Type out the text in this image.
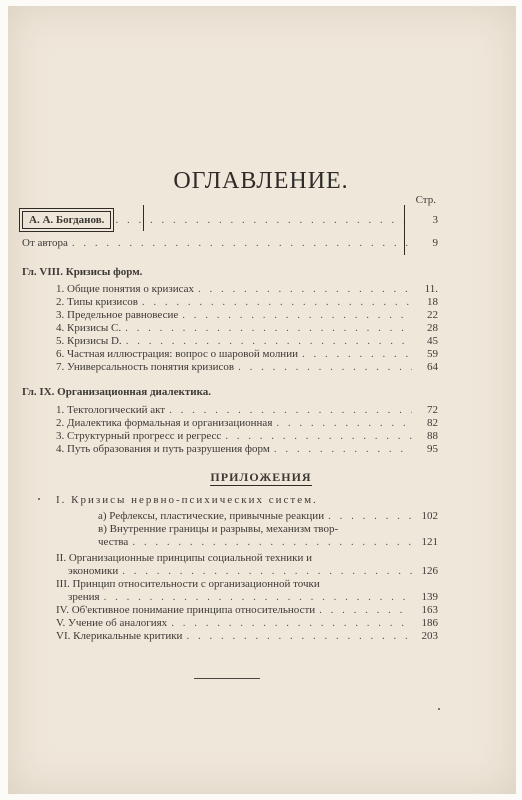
ОГЛАВЛЕНИЕ.
Стр.
А. А. Богданов. . . .	3
От автора . . .	9
Гл. VIII. Кризисы форм.
1. Общие понятия о кризисах . . .	11.
2. Типы кризисов . . .	18
3. Предельное равновесие . . .	22
4. Кризисы C. . . .	28
5. Кризисы D. . . .	45
6. Частная иллюстрация: вопрос о шаровой молнии . . .	59
7. Универсальность понятия кризисов . . .	64
Гл. IX. Организационная диалектика.
1. Тектологический акт . . .	72
2. Диалектика формальная и организационная . . .	82
3. Структурный прогресс и регресс . . .	88
4. Путь образования и путь разрушения форм . . .	95
ПРИЛОЖЕНИЯ
I. Кризисы нервно-психических систем.
а) Рефлексы, пластические, привычные реакции . . .	102
в) Внутренние границы и разрывы, механизм твор-
чества . . .	121
II. Организационные принципы социальной техники и
экономики . . .	126
III. Принцип относительности с организационной точки
зрения . . .	139
IV. Об'ективное понимание принципа относительности . . .	163
V. Учение об аналогиях . . .	186
VI. Клерикальные критики . . .	203
